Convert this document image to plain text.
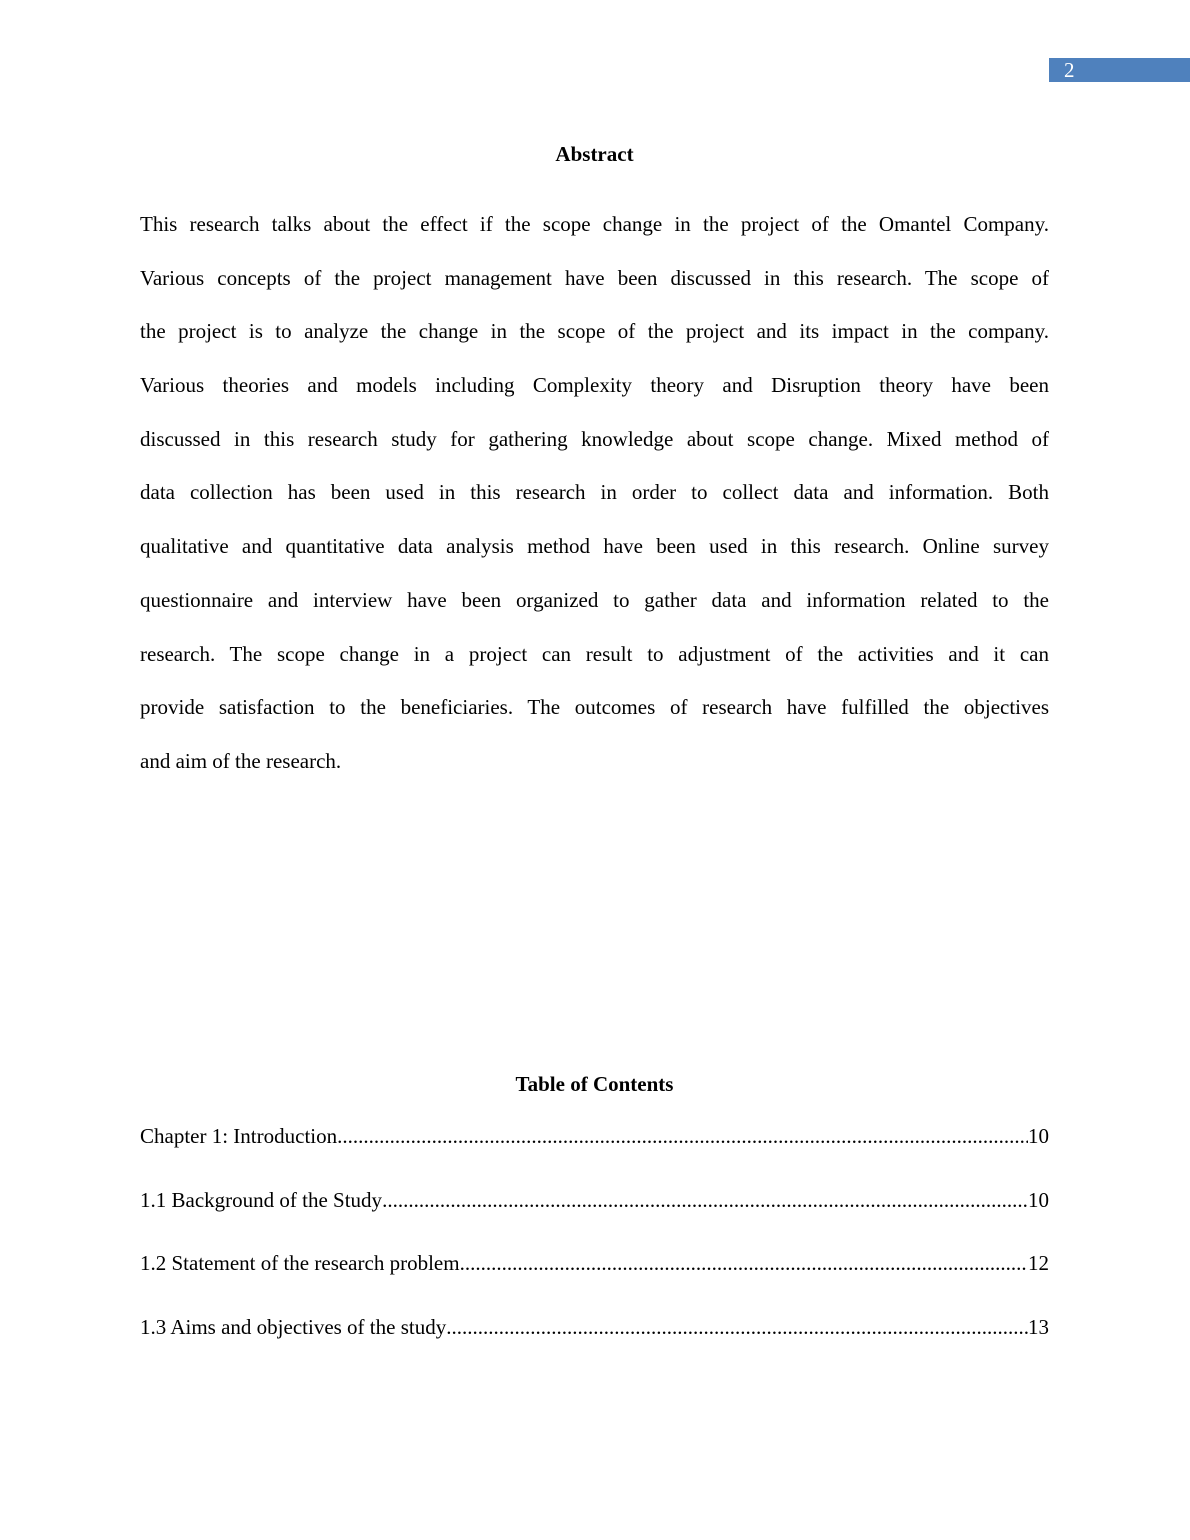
2
Abstract
This research talks about the effect if the scope change in the project of the Omantel Company.
Various concepts of the project management have been discussed in this research. The scope of
the project is to analyze the change in the scope of the project and its impact in the company.
Various theories and models including Complexity theory and Disruption theory have been
discussed in this research study for gathering knowledge about scope change. Mixed method of
data collection has been used in this research in order to collect data and information. Both
qualitative and quantitative data analysis method have been used in this research. Online survey
questionnaire and interview have been organized to gather data and information related to the
research. The scope change in a project can result to adjustment of the activities and it can
provide satisfaction to the beneficiaries. The outcomes of research have fulfilled the objectives
and aim of the research.
Table of Contents
Chapter 1: Introduction .....	10
1.1 Background of the Study .....	10
1.2 Statement of the research problem .....	12
1.3 Aims and objectives of the study .....	13
